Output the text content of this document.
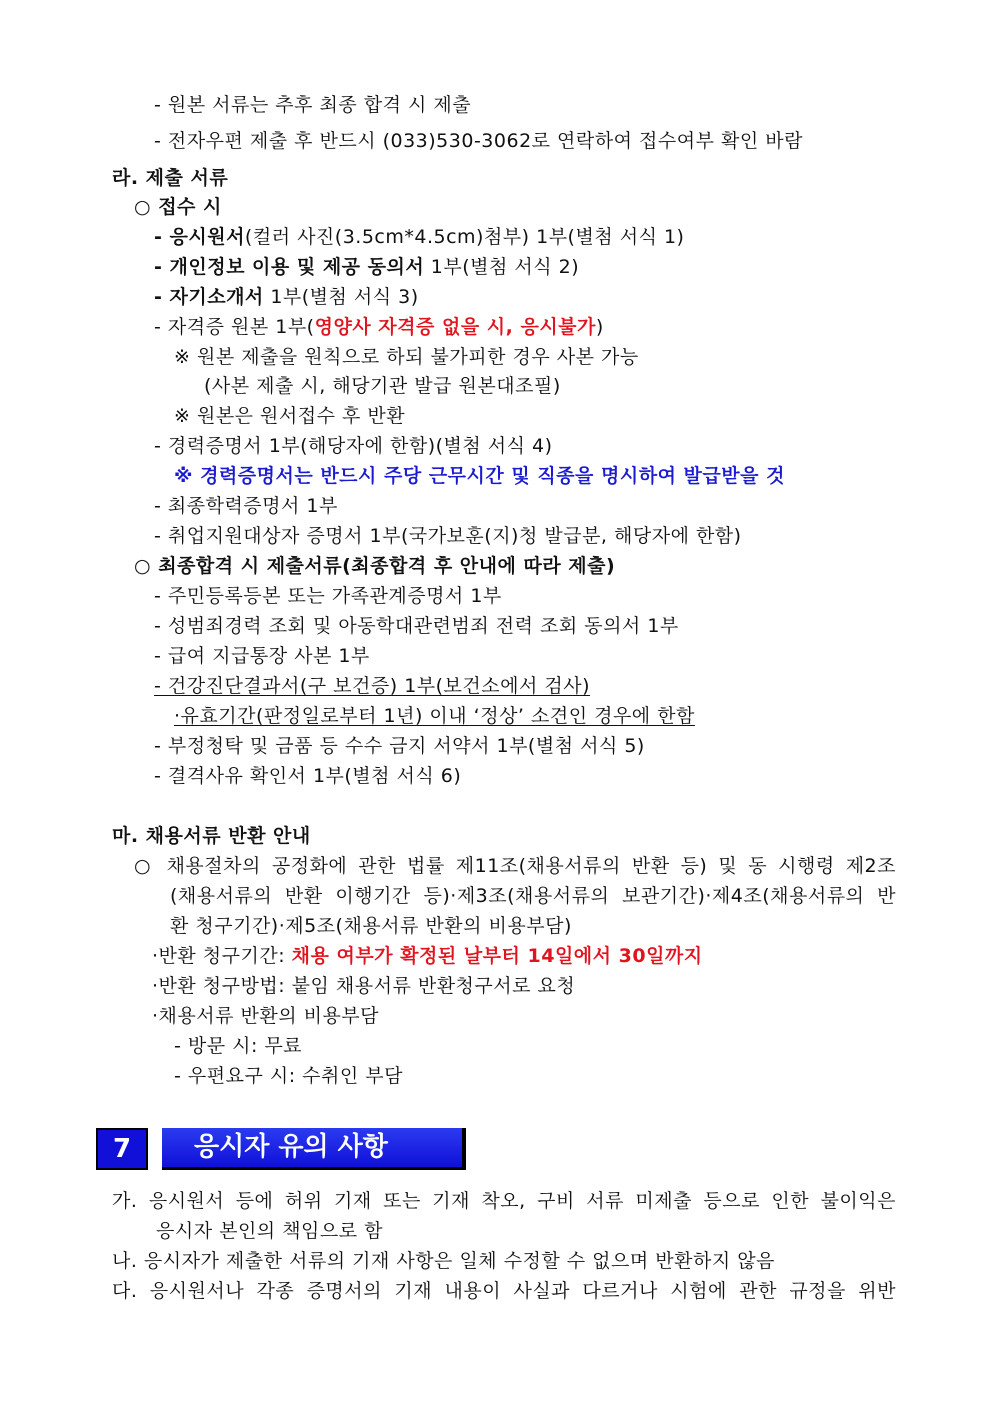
- 원본 서류는 추후 최종 합격 시 제출
- 전자우편 제출 후 반드시 (033)530-3062로 연락하여 접수여부 확인 바람
라. 제출 서류
○ 접수 시
- 응시원서(컬러 사진(3.5cm*4.5cm)첨부) 1부(별첨 서식 1)
- 개인정보 이용 및 제공 동의서 1부(별첨 서식 2)
- 자기소개서 1부(별첨 서식 3)
- 자격증 원본 1부(영양사 자격증 없을 시, 응시불가)
※ 원본 제출을 원칙으로 하되 불가피한 경우 사본 가능
(사본 제출 시, 해당기관 발급 원본대조필)
※ 원본은 원서접수 후 반환
- 경력증명서 1부(해당자에 한함)(별첨 서식 4)
※ 경력증명서는 반드시 주당 근무시간 및 직종을 명시하여 발급받을 것
- 최종학력증명서 1부
- 취업지원대상자 증명서 1부(국가보훈(지)청 발급분, 해당자에 한함)
○ 최종합격 시 제출서류(최종합격 후 안내에 따라 제출)
- 주민등록등본 또는 가족관계증명서 1부
- 성범죄경력 조회 및 아동학대관련범죄 전력 조회 동의서 1부
- 급여 지급통장 사본 1부
- 건강진단결과서(구 보건증) 1부(보건소에서 검사)
·유효기간(판정일로부터 1년) 이내 ‘정상’ 소견인 경우에 한함
- 부정청탁 및 금품 등 수수 금지 서약서 1부(별첨 서식 5)
- 결격사유 확인서 1부(별첨 서식 6)
마. 채용서류 반환 안내
○ 채용절차의 공정화에 관한 법률 제11조(채용서류의 반환 등) 및 동 시행령 제2조
(채용서류의 반환 이행기간 등)·제3조(채용서류의 보관기간)·제4조(채용서류의 반
환 청구기간)·제5조(채용서류 반환의 비용부담)
·반환 청구기간: 채용 여부가 확정된 날부터 14일에서 30일까지
·반환 청구방법: 붙임 채용서류 반환청구서로 요청
·채용서류 반환의 비용부담
- 방문 시: 무료
- 우편요구 시: 수취인 부담
7	응시자 유의 사항
가. 응시원서 등에 허위 기재 또는 기재 착오, 구비 서류 미제출 등으로 인한 불이익은
응시자 본인의 책임으로 함
나. 응시자가 제출한 서류의 기재 사항은 일체 수정할 수 없으며 반환하지 않음
다. 응시원서나 각종 증명서의 기재 내용이 사실과 다르거나 시험에 관한 규정을 위반
